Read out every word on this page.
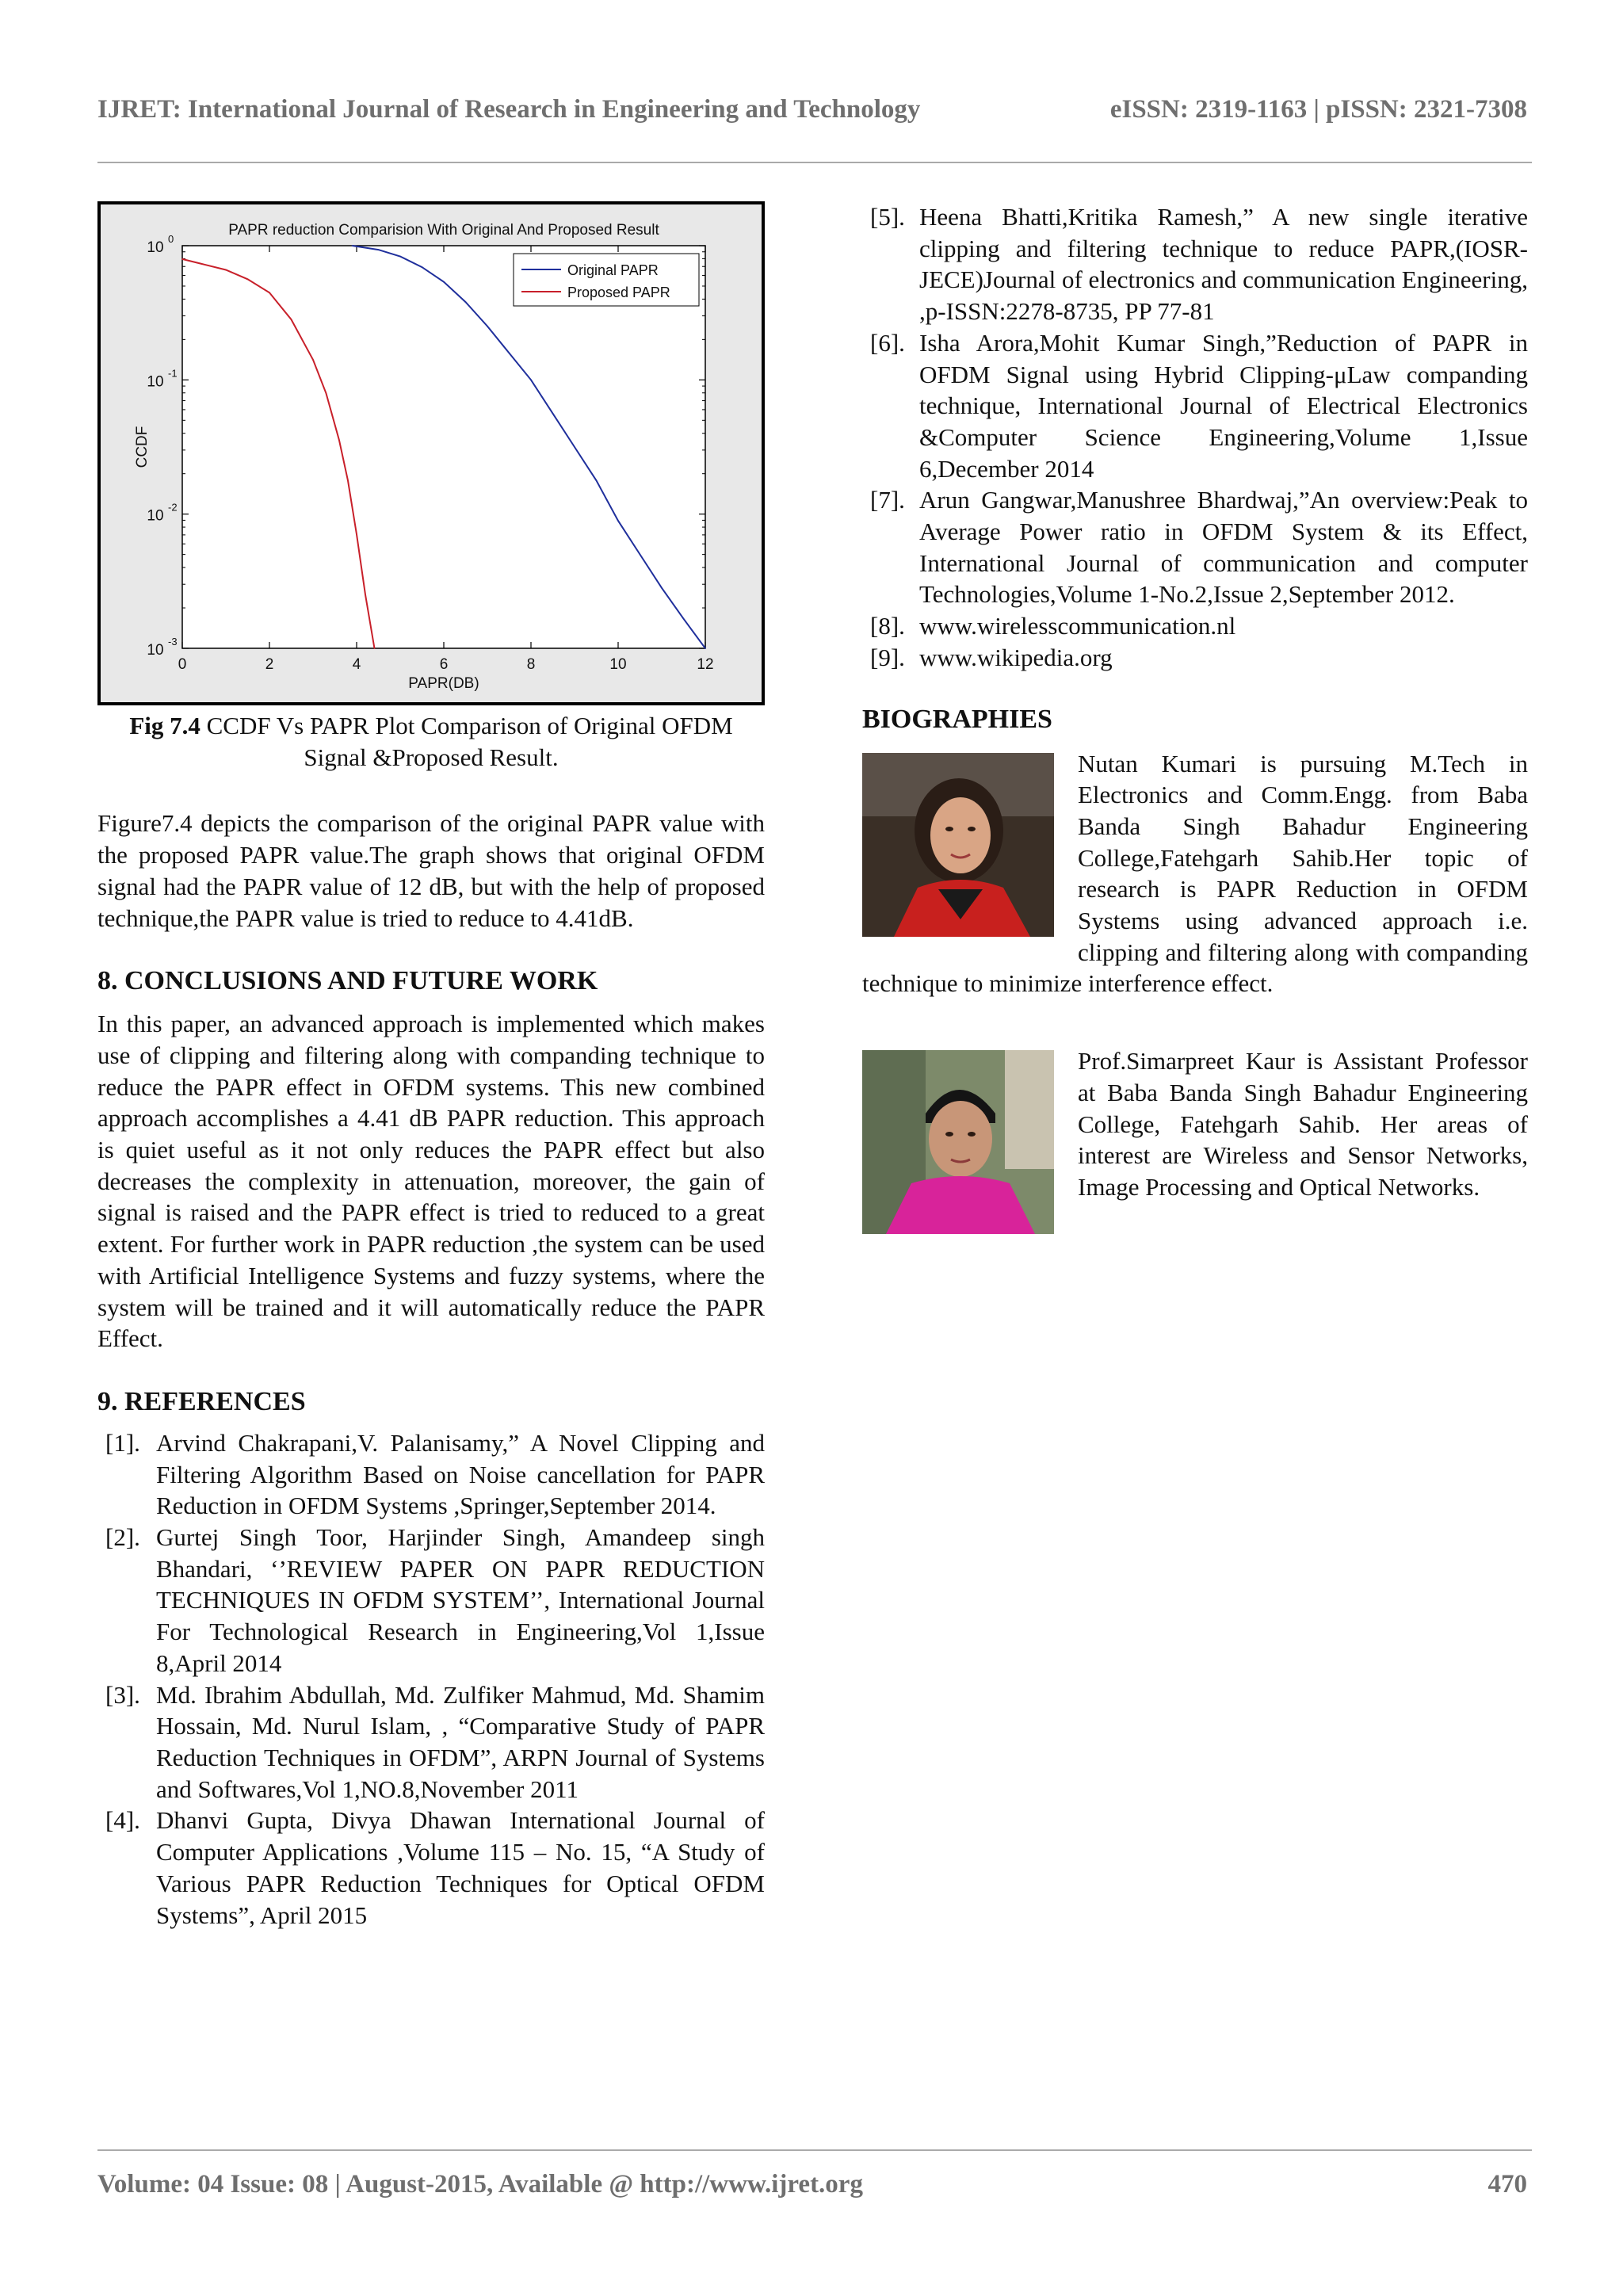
IJRET: International Journal of Research in Engineering and Technology	eISSN: 2319-1163 | pISSN: 2321-7308
PAPR reduction Comparision With Original And Proposed Result
0	2	4	6	8	10	12
10
0
10
-1
10
-2
10
-3
PAPR(DB)
CCDF
Original PAPR
Proposed PAPR
Fig 7.4 CCDF Vs PAPR Plot Comparison of Original OFDM Signal &Proposed Result.

Figure7.4 depicts the comparison of the original PAPR value with the proposed PAPR value.The graph shows that original OFDM signal had the PAPR value of 12 dB, but with the help of proposed technique,the PAPR value is tried to reduce to 4.41dB.

8. CONCLUSIONS AND FUTURE WORK

In this paper, an advanced approach is implemented which makes use of clipping and filtering along with companding technique to reduce the PAPR effect in OFDM systems. This new combined approach accomplishes a 4.41 dB PAPR reduction. This approach is quiet useful as it not only reduces the PAPR effect but also decreases the complexity in attenuation, moreover, the gain of signal is raised and the PAPR effect is tried to reduced to a great extent. For further work in PAPR reduction ,the system can be used with Artificial Intelligence Systems and fuzzy systems, where the system will be trained and it will automatically reduce the PAPR Effect.

9. REFERENCES
[1]. Arvind Chakrapani,V. Palanisamy,” A Novel Clipping and Filtering Algorithm Based on Noise cancellation for PAPR Reduction in OFDM Systems ,Springer,September 2014.
[2]. Gurtej Singh Toor, Harjinder Singh, Amandeep singh Bhandari, ‘’REVIEW PAPER ON PAPR REDUCTION TECHNIQUES IN OFDM SYSTEM’’, International Journal For Technological Research in Engineering,Vol 1,Issue 8,April 2014
[3]. Md. Ibrahim Abdullah, Md. Zulfiker Mahmud, Md. Shamim Hossain, Md. Nurul Islam, , “Comparative Study of PAPR Reduction Techniques in OFDM”, ARPN Journal of Systems and Softwares,Vol 1,NO.8,November 2011
[4]. Dhanvi Gupta, Divya Dhawan International Journal of Computer Applications ,Volume 115 – No. 15, “A Study of Various PAPR Reduction Techniques for Optical OFDM Systems”, April 2015
[5]. Heena Bhatti,Kritika Ramesh,” A new single iterative clipping and filtering technique to reduce PAPR,(IOSR-JECE)Journal of electronics and communication Engineering, ,p-ISSN:2278-8735, PP 77-81
[6]. Isha Arora,Mohit Kumar Singh,”Reduction of PAPR in OFDM Signal using Hybrid Clipping-μLaw companding technique, International Journal of Electrical Electronics &Computer Science Engineering,Volume 1,Issue 6,December 2014
[7]. Arun Gangwar,Manushree Bhardwaj,”An overview:Peak to Average Power ratio in OFDM System & its Effect, International Journal of communication and computer Technologies,Volume 1-No.2,Issue 2,September 2012.
[8]. www.wirelesscommunication.nl
[9]. www.wikipedia.org
BIOGRAPHIES

Nutan Kumari is pursuing M.Tech in Electronics and Comm.Engg. from Baba Banda Singh Bahadur Engineering College,Fatehgarh Sahib.Her topic of research is PAPR Reduction in OFDM Systems using advanced approach i.e. clipping and filtering along with companding technique to minimize interference effect.

Prof.Simarpreet Kaur is Assistant Professor at Baba Banda Singh Bahadur Engineering College, Fatehgarh Sahib. Her areas of interest are Wireless and Sensor Networks, Image Processing and Optical Networks.

Volume: 04 Issue: 08 | August-2015, Available @ http://www.ijret.org	470
